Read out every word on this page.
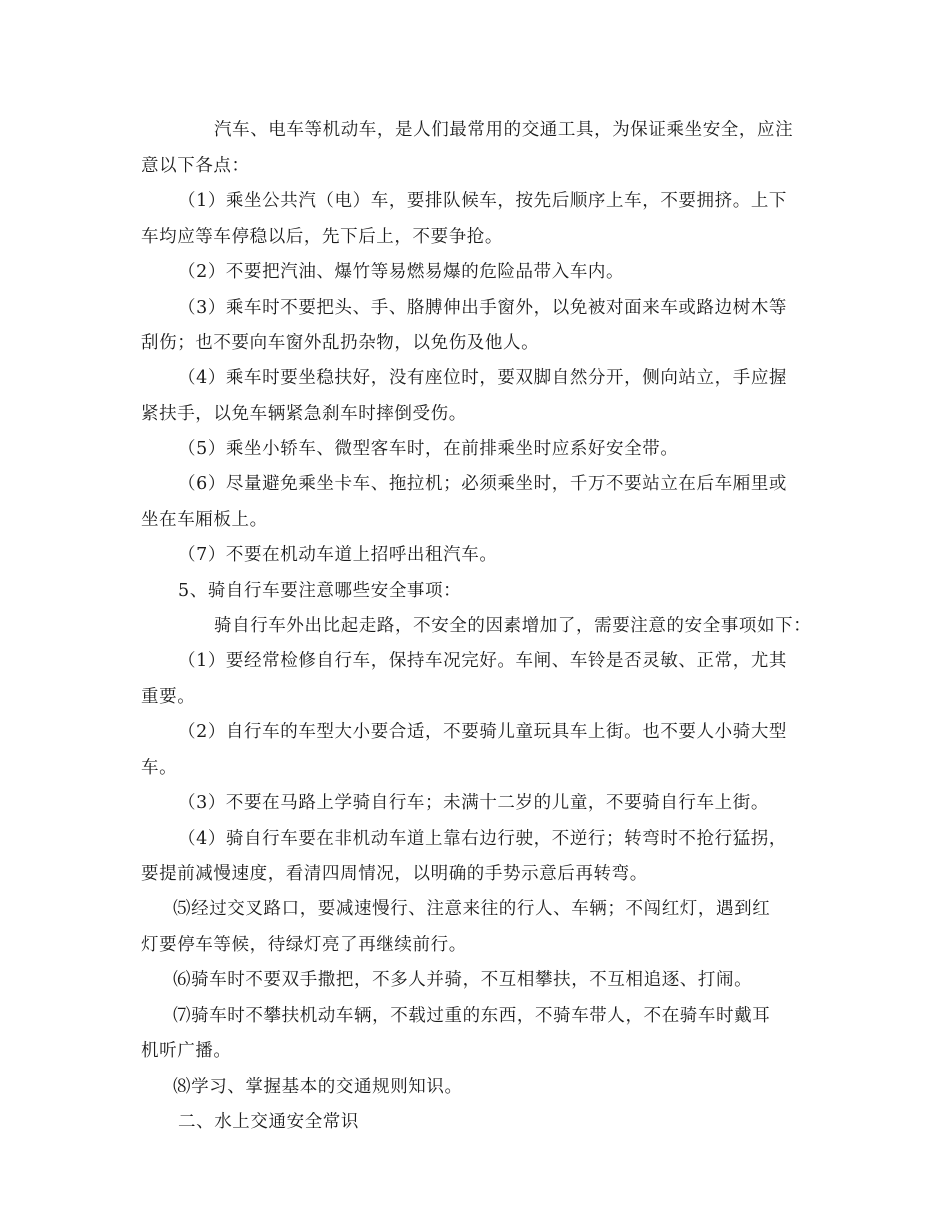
汽车、电车等机动车，是人们最常用的交通工具，为保证乘坐安全，应注
意以下各点：
（1）乘坐公共汽（电）车，要排队候车，按先后顺序上车，不要拥挤。上下
车均应等车停稳以后，先下后上，不要争抢。
（2）不要把汽油、爆竹等易燃易爆的危险品带入车内。
（3）乘车时不要把头、手、胳膊伸出手窗外，以免被对面来车或路边树木等
刮伤；也不要向车窗外乱扔杂物，以免伤及他人。
（4）乘车时要坐稳扶好，没有座位时，要双脚自然分开，侧向站立，手应握
紧扶手，以免车辆紧急刹车时摔倒受伤。
（5）乘坐小轿车、微型客车时，在前排乘坐时应系好安全带。
（6）尽量避免乘坐卡车、拖拉机；必须乘坐时，千万不要站立在后车厢里或
坐在车厢板上。
（7）不要在机动车道上招呼出租汽车。
5、骑自行车要注意哪些安全事项：
骑自行车外出比起走路，不安全的因素增加了，需要注意的安全事项如下：
（1）要经常检修自行车，保持车况完好。车闸、车铃是否灵敏、正常，尤其
重要。
（2）自行车的车型大小要合适，不要骑儿童玩具车上街。也不要人小骑大型
车。
（3）不要在马路上学骑自行车；未满十二岁的儿童，不要骑自行车上街。
（4）骑自行车要在非机动车道上靠右边行驶，不逆行；转弯时不抢行猛拐，
要提前减慢速度，看清四周情况，以明确的手势示意后再转弯。
⑸经过交叉路口，要减速慢行、注意来往的行人、车辆；不闯红灯，遇到红
灯要停车等候，待绿灯亮了再继续前行。
⑹骑车时不要双手撒把，不多人并骑，不互相攀扶，不互相追逐、打闹。
⑺骑车时不攀扶机动车辆，不载过重的东西，不骑车带人，不在骑车时戴耳
机听广播。
⑻学习、掌握基本的交通规则知识。
二、水上交通安全常识
